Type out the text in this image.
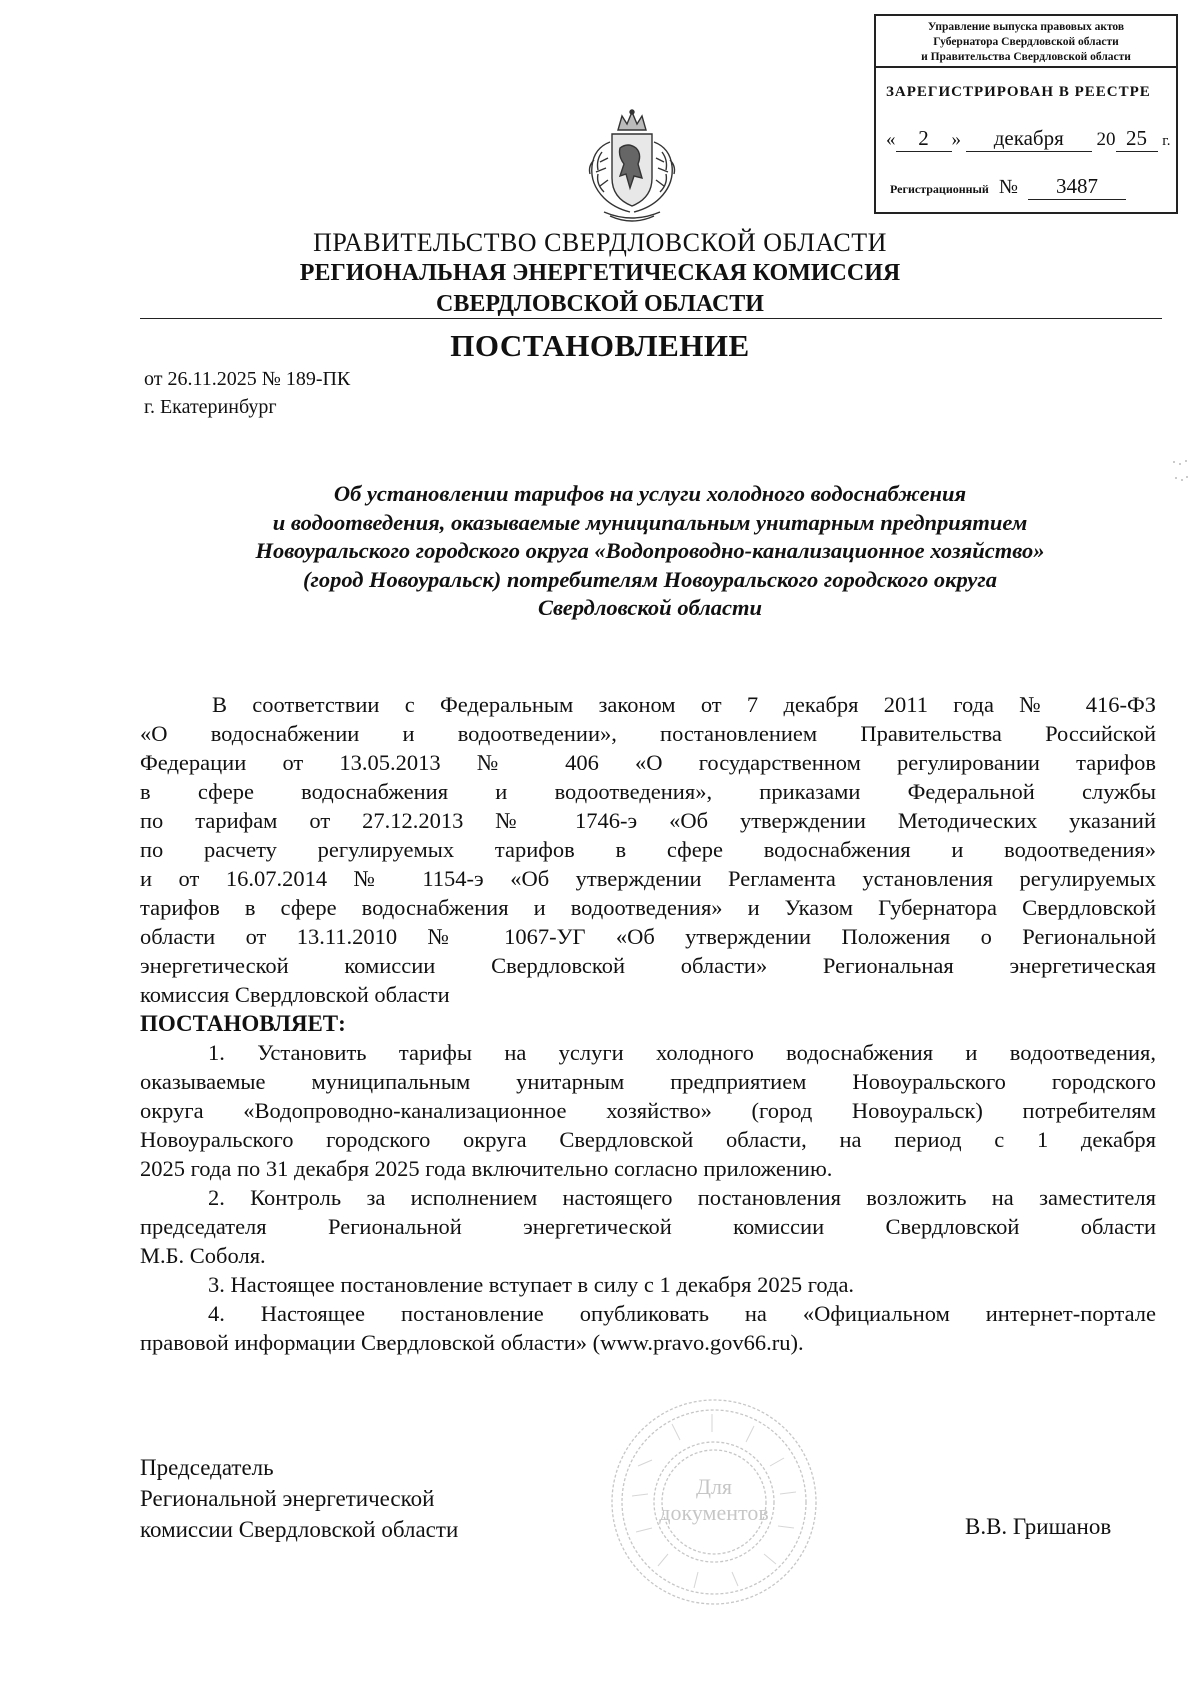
Управление выпуска правовых актов
Губернатора Свердловской области
и Правительства Свердловской области
ЗАРЕГИСТРИРОВАН В РЕЕСТРЕ
« 2 » декабря 20 25 г.
Регистрационный № 3487
ПРАВИТЕЛЬСТВО СВЕРДЛОВСКОЙ ОБЛАСТИ
РЕГИОНАЛЬНАЯ ЭНЕРГЕТИЧЕСКАЯ КОМИССИЯ
СВЕРДЛОВСКОЙ ОБЛАСТИ
ПОСТАНОВЛЕНИЕ
от 26.11.2025 № 189-ПК
г. Екатеринбург
Об установлении тарифов на услуги холодного водоснабжения
и водоотведения, оказываемые муниципальным унитарным предприятием
Новоуральского городского округа «Водопроводно-канализационное хозяйство»
(город Новоуральск) потребителям Новоуральского городского округа
Свердловской области
В соответствии с Федеральным законом от 7 декабря 2011 года № 416-ФЗ
«О водоснабжении и водоотведении», постановлением Правительства Российской
Федерации от 13.05.2013 № 406 «О государственном регулировании тарифов
в сфере водоснабжения и водоотведения», приказами Федеральной службы
по тарифам от 27.12.2013 № 1746-э «Об утверждении Методических указаний
по расчету регулируемых тарифов в сфере водоснабжения и водоотведения»
и от 16.07.2014 № 1154-э «Об утверждении Регламента установления регулируемых
тарифов в сфере водоснабжения и водоотведения» и Указом Губернатора Свердловской
области от 13.11.2010 № 1067-УГ «Об утверждении Положения о Региональной
энергетической комиссии Свердловской области» Региональная энергетическая
комиссия Свердловской области
ПОСТАНОВЛЯЕТ:
1. Установить тарифы на услуги холодного водоснабжения и водоотведения,
оказываемые муниципальным унитарным предприятием Новоуральского городского
округа «Водопроводно-канализационное хозяйство» (город Новоуральск) потребителям
Новоуральского городского округа Свердловской области, на период с 1 декабря
2025 года по 31 декабря 2025 года включительно согласно приложению.
2. Контроль за исполнением настоящего постановления возложить на заместителя
председателя Региональной энергетической комиссии Свердловской области
М.Б. Соболя.
3. Настоящее постановление вступает в силу с 1 декабря 2025 года.
4. Настоящее постановление опубликовать на «Официальном интернет-портале
правовой информации Свердловской области» (www.pravo.gov66.ru).
Председатель
Региональной энергетической
комиссии Свердловской области	В.В. Гришанов
Для
документов
